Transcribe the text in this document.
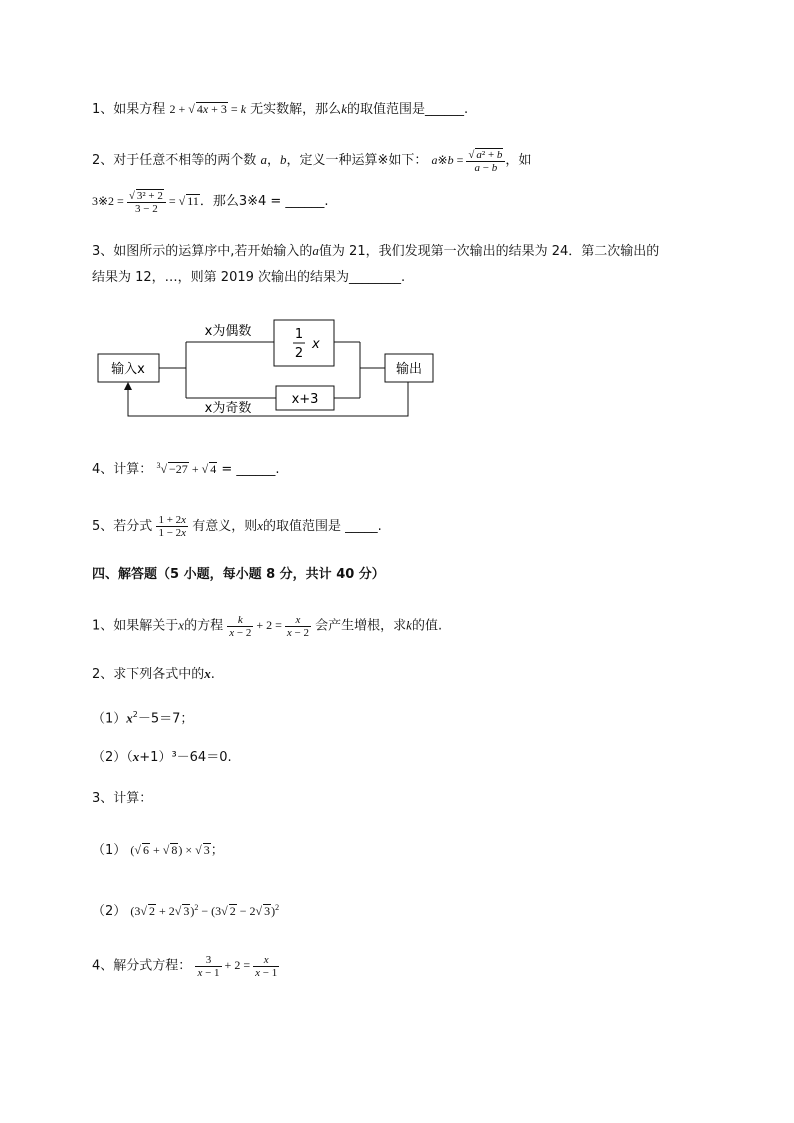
1、如果方程 2 + √ 4x + 3 = k 无实数解，那么k的取值范围是______.
2、对于任意不相等的两个数 a，b，定义一种运算※如下： a※b = √ $\frac{\text{a² + b}}{a - b}$ ，如
3※2 = √ $\frac{\text{3² + 2}}{3 - 2}$ = √ 11．那么3※4 = ______.
3、如图所示的运算序中,若开始输入的a值为 21，我们发现第一次输出的结果为 24．第二次输出的
结果为 12，…，则第 2019 次输出的结果为________.
输入x
x为偶数
x为奇数
1
2
x
x+3
输出
4、计算： $^3$ √ −27 + √ 4 = ______.
5、若分式 $\frac{1 + 2x}{1 - 2x}$ 有意义，则x的取值范围是 _____.
四、解答题（5 小题，每小题 8 分，共计 40 分）
1、如果解关于x的方程 $\frac{k}{x - 2} + 2 = \frac{x}{x - 2}$ 会产生增根，求k的值.
2、求下列各式中的x.
$(1)x^2-5=7$；
（2）（x+1）³－64＝0.
3、计算：
（1） ( √ 6 + √ 8) × √ 3；
（2） (3 √ 2 + 2 √ 3)$^2$ − (3 √ 2 − 2 √ 3)$^2$
4、解分式方程： $\frac{3}{x - 1} + 2 = \frac{x}{x - 1}$
